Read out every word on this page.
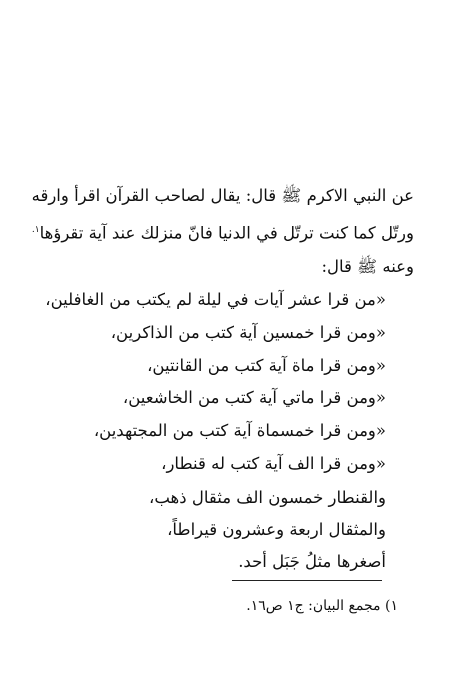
عن النبي الاكرم ﷺ قال: يقال لصاحب القرآن اقرأ وارقه
ورتّل كما كنت ترتّل في الدنيا فانّ منزلك عند آية تقرؤها$^{١.}$
وعنه ﷺ قال:
«من قرا عشر آيات في ليلة لم يكتب من الغافلين،
«ومن قرا خمسين آية كتب من الذاكرين،
«ومن قرا ماة آية كتب من القانتين،
«ومن قرا ماتي آية كتب من الخاشعين،
«ومن قرا خمسماة آية كتب من المجتهدين،
«ومن قرا الف آية كتب له قنطار،
والقنطار خمسون الف مثقال ذهب،
والمثقال اربعة وعشرون قيراطاً،
أصغرها مثلُ جَبَل أحد.
١) مجمع البيان: ج١ ص١٦.
